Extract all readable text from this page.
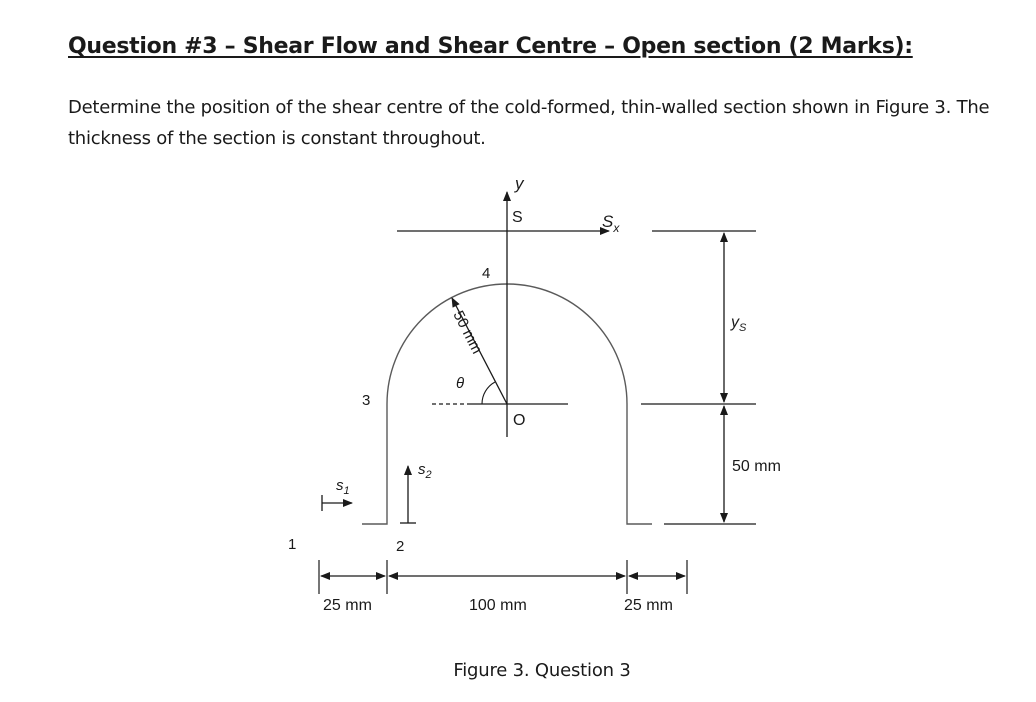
Question #3 – Shear Flow and Shear Centre – Open section (2 Marks):

Determine the position of the shear centre of the cold-formed, thin-walled section shown in Figure 3. The thickness of the section is constant throughout.

y
$S_x$
S
4
O
50 mm
θ
3
1	2
$s_1$
$s_2$
$y_S$
50 mm
25 mm	100 mm	25 mm

Figure 3. Question 3
